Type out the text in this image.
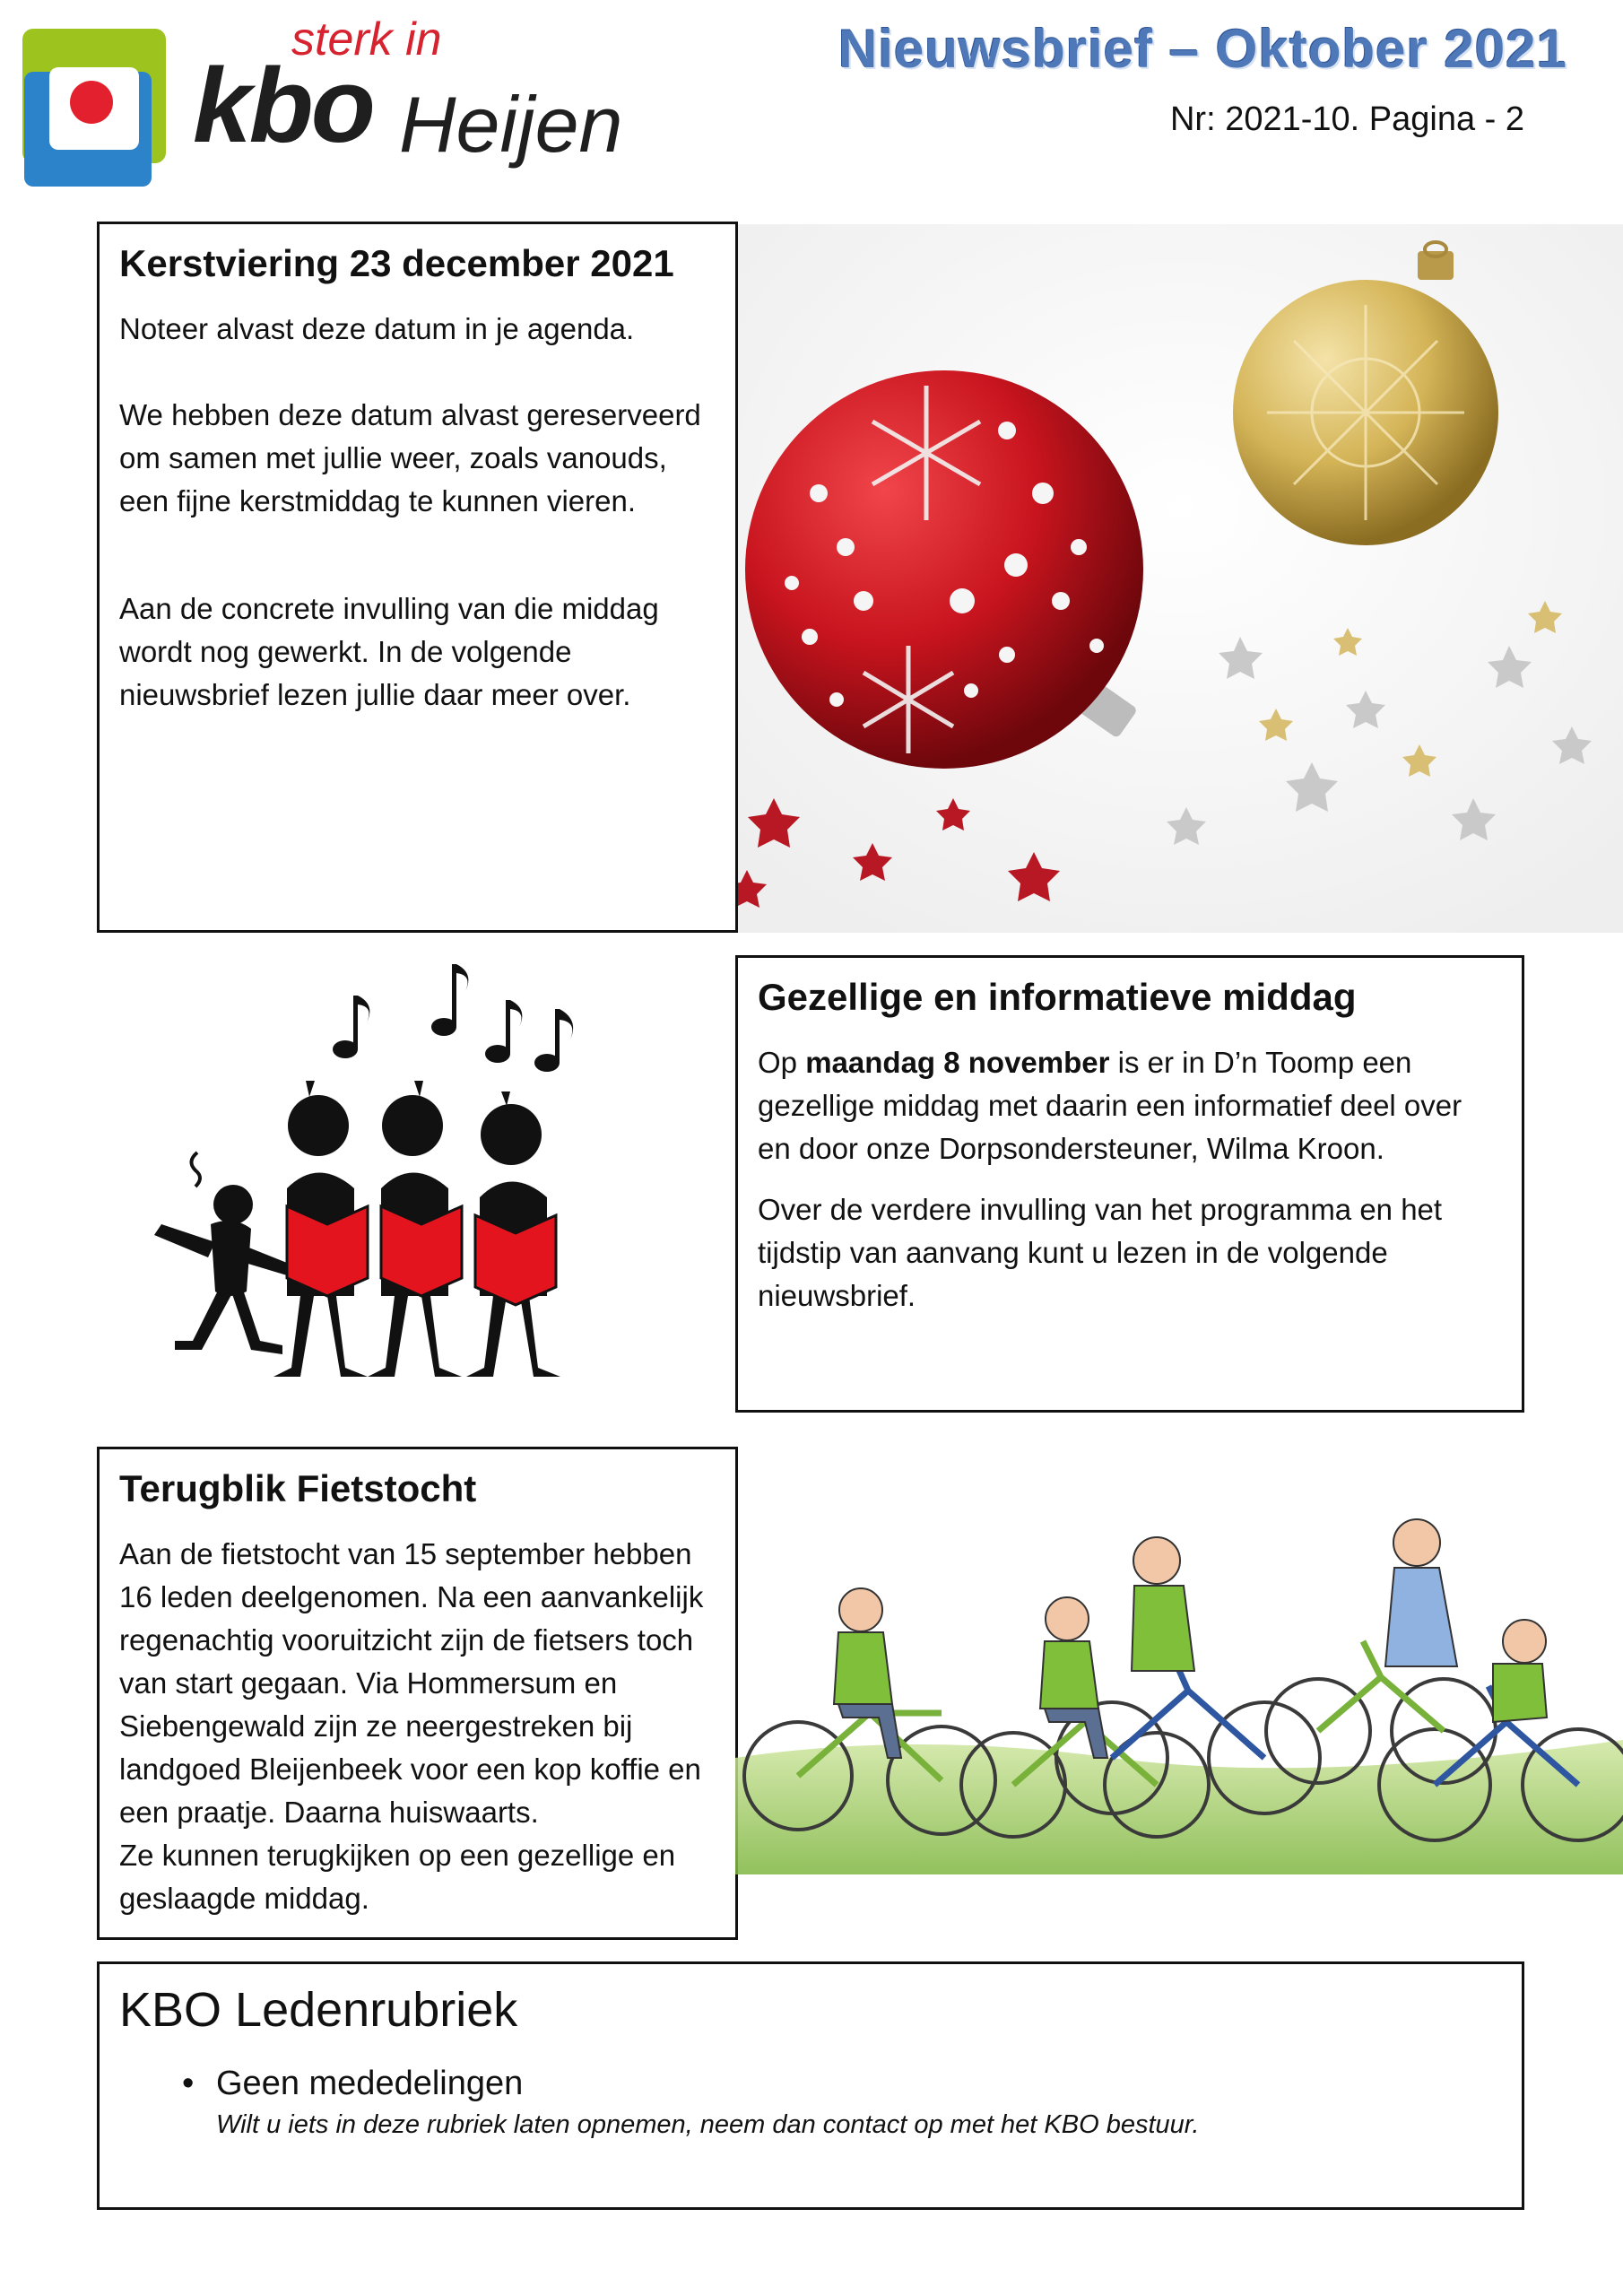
sterk in
kbo Heijen
Nieuwsbrief – Oktober 2021
Nr: 2021-10. Pagina - 2
Kerstviering 23 december 2021

Noteer alvast deze datum in je agenda.

We hebben deze datum alvast gereserveerd om samen met jullie weer, zoals vanouds, een fijne kerstmiddag te kunnen vieren.

Aan de concrete invulling van die middag wordt nog gewerkt. In de volgende nieuwsbrief lezen jullie daar meer over.

Gezellige en informatieve middag

Op maandag 8 november is er in D’n Toomp een gezellige middag met daarin een informatief deel over en door onze Dorpsondersteuner, Wilma Kroon.

Over de verdere invulling van het programma en het tijdstip van aanvang kunt u lezen in de volgende nieuwsbrief.

Terugblik Fietstocht

Aan de fietstocht van 15 september hebben 16 leden deelgenomen. Na een aanvankelijk regenachtig vooruitzicht zijn de fietsers toch van start gegaan. Via Hommersum en Siebengewald zijn ze neergestreken bij landgoed Bleijenbeek voor een kop koffie en een praatje. Daarna huiswaarts.

Ze kunnen terugkijken op een gezellige en geslaagde middag.

KBO Ledenrubriek
• Geen mededelingen
Wilt u iets in deze rubriek laten opnemen, neem dan contact op met het KBO bestuur.
